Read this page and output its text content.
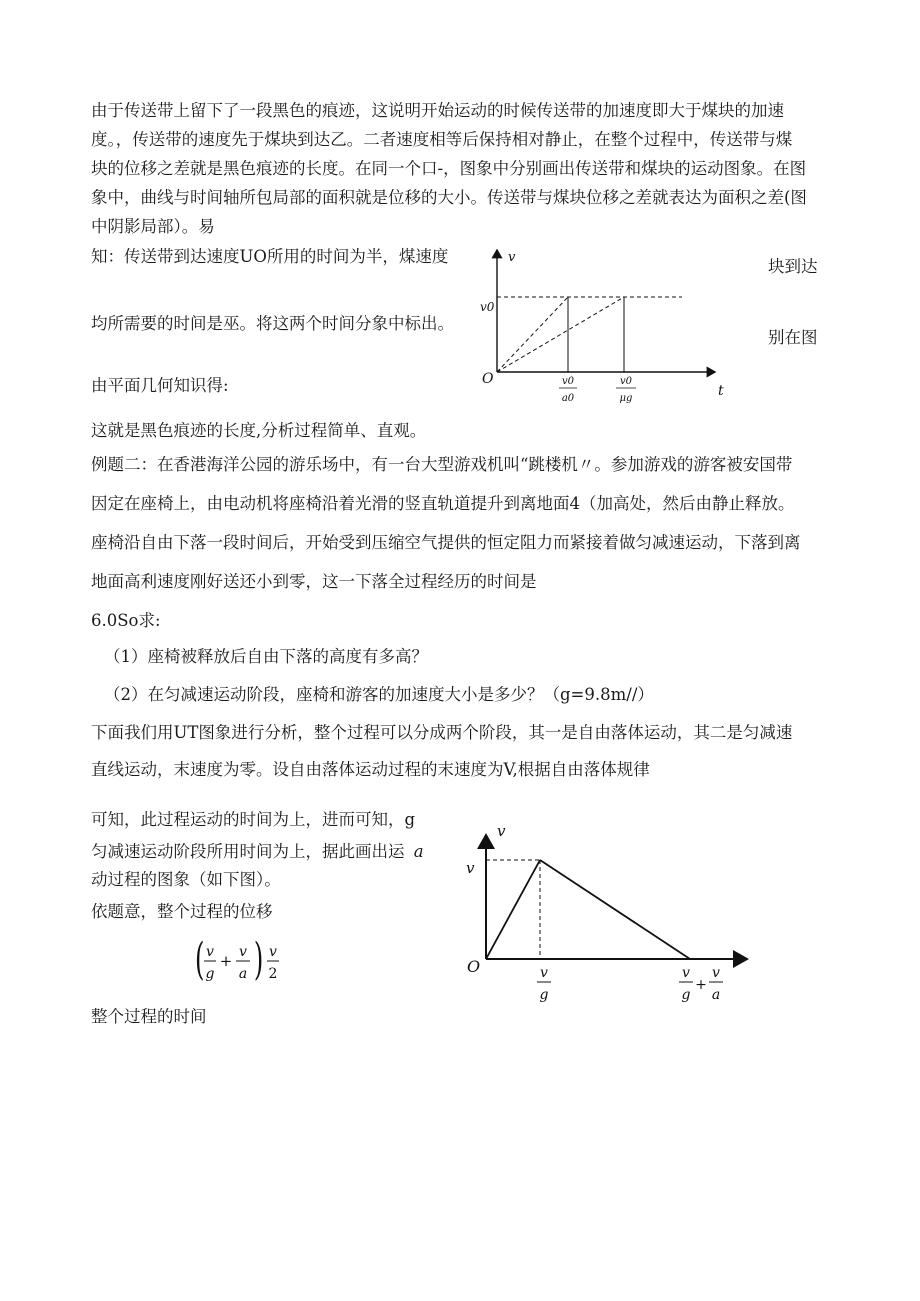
由于传送带上留下了一段黑色的痕迹，这说明开始运动的时候传送带的加速度即大于煤块的加速
度。，传送带的速度先于煤块到达乙。二者速度相等后保持相对静止，在整个过程中，传送带与煤
块的位移之差就是黑色痕迹的长度。在同一个口-，图象中分别画出传送带和煤块的运动图象。在图
象中，曲线与时间轴所包局部的面积就是位移的大小。传送带与煤块位移之差就表达为面积之差(图
中阴影局部）。易
知：传送带到达速度UO所用的时间为半，煤速度
均所需要的时间是巫。将这两个时间分象中标出。
由平面几何知识得:
块到达
别在图
v
v0
O
t
v0
a0
v0
μg
这就是黑色痕迹的长度,分析过程简单、直观。
例题二：在香港海洋公园的游乐场中，有一台大型游戏机叫“跳楼机〃。参加游戏的游客被安国带
因定在座椅上，由电动机将座椅沿着光滑的竖直轨道提升到离地面4（加高处，然后由静止释放。
座椅沿自由下落一段时间后，开始受到压缩空气提供的恒定阻力而紧接着做匀减速运动，下落到离
地面高利速度刚好送还小到零，这一下落全过程经历的时间是
6.0So求:
（1）座椅被释放后自由下落的高度有多高？
（2）在匀减速运动阶段，座椅和游客的加速度大小是多少？（g=9.8m//）
下面我们用UT图象进行分析，整个过程可以分成两个阶段，其一是自由落体运动，其二是匀减速
直线运动，末速度为零。设自由落体运动过程的末速度为V,根据自由落体规律
可知，此过程运动的时间为上，进而可知，g
匀减速运动阶段所用时间为上，据此画出运 a
动过程的图象（如下图）。
依题意，整个过程的位移
整个过程的时间
( v
g
+ v
a ) v
2
v
v
O	v
g
v
g
+
v
a
